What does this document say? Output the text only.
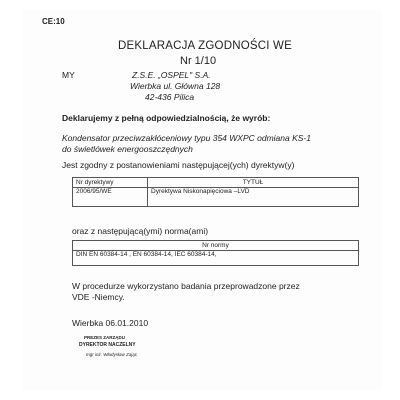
CE:10
DEKLARACJA ZGODNOŚCI WE
Nr 1/10
MY	Z.S.E. „OSPEL" S.A.
Wierbka ul. Główna 128
42-436 Pilica
Deklarujemy z pełną odpowiedzialnością, że wyrób:
Kondensator przeciwzakłóceniowy typu 354 WXPC odmiana KS-1
do świetlówek energooszczędnych
Jest zgodny z postanowieniami następującej(ych) dyrektyw(y)
Nr dyrektywy	TYTUŁ
2006/95/WE	Dyrektywa Niskonapięciowa –LVD
oraz z następującą(ymi) norma(ami)
Nr normy
DIN EN 60384-14 , EN 60384-14, IEC 60384-14,
W procedurze wykorzystano badania przeprowadzone przez
VDE -Niemcy.
Wierbka 06.01.2010
PREZES ZARZĄDU
DYREKTOR NACZELNY
mgr inż. Władysław Zając
